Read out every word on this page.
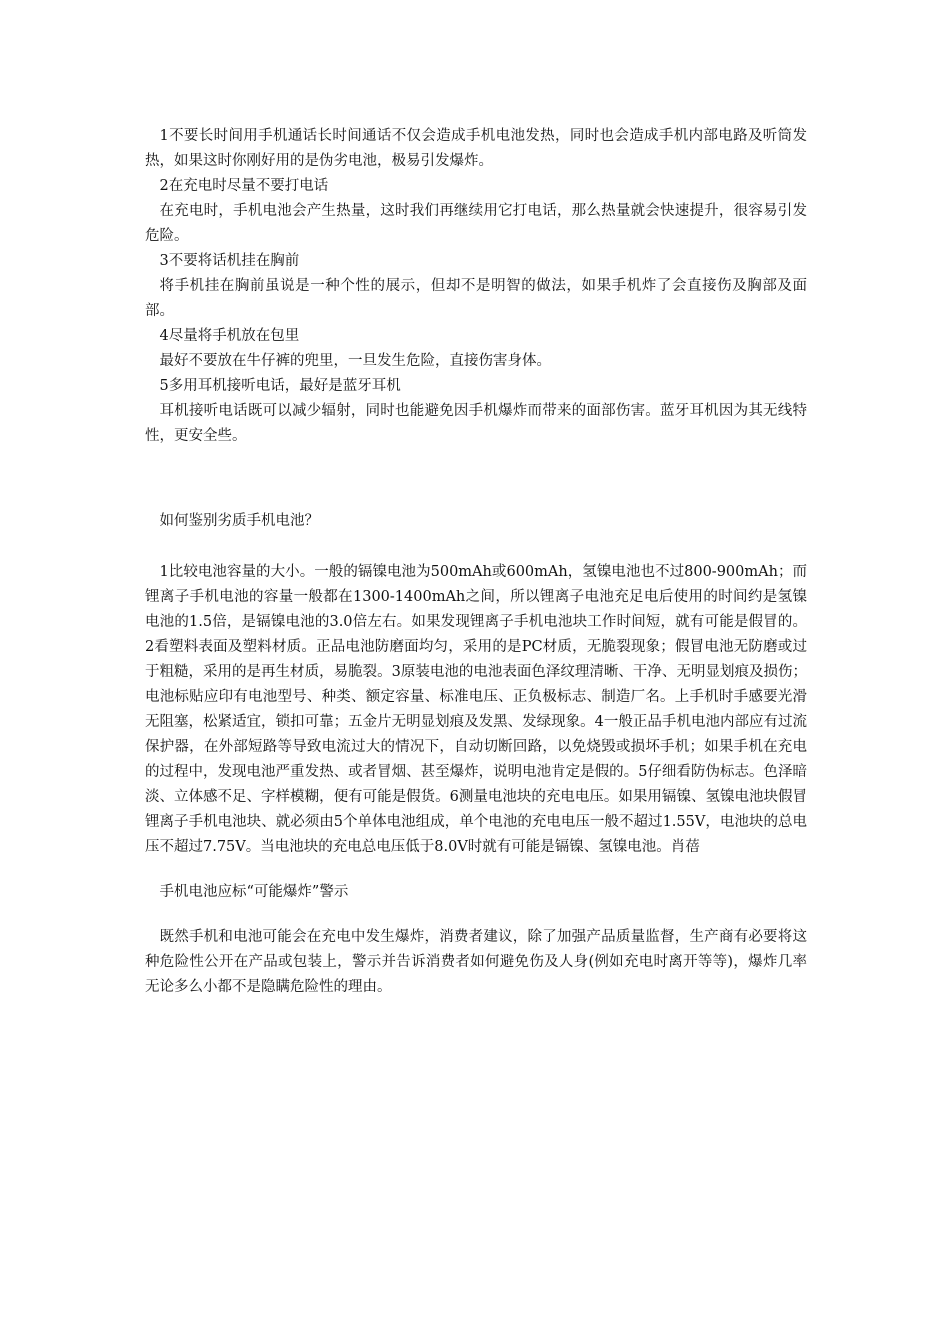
1不要长时间用手机通话长时间通话不仅会造成手机电池发热，同时也会造成手机内部电路及听筒发热，如果这时你刚好用的是伪劣电池，极易引发爆炸。

2在充电时尽量不要打电话

在充电时，手机电池会产生热量，这时我们再继续用它打电话，那么热量就会快速提升，很容易引发危险。

3不要将话机挂在胸前

将手机挂在胸前虽说是一种个性的展示，但却不是明智的做法，如果手机炸了会直接伤及胸部及面部。

4尽量将手机放在包里

最好不要放在牛仔裤的兜里，一旦发生危险，直接伤害身体。

5多用耳机接听电话，最好是蓝牙耳机

耳机接听电话既可以减少辐射，同时也能避免因手机爆炸而带来的面部伤害。蓝牙耳机因为其无线特性，更安全些。

如何鉴别劣质手机电池？

1比较电池容量的大小。一般的镉镍电池为500mAh或600mAh，氢镍电池也不过800-900mAh；而锂离子手机电池的容量一般都在1300-1400mAh之间，所以锂离子电池充足电后使用的时间约是氢镍电池的1.5倍，是镉镍电池的3.0倍左右。如果发现锂离子手机电池块工作时间短，就有可能是假冒的。2看塑料表面及塑料材质。正品电池防磨面均匀，采用的是PC材质，无脆裂现象；假冒电池无防磨或过于粗糙，采用的是再生材质，易脆裂。3原装电池的电池表面色泽纹理清晰、干净、无明显划痕及损伤；电池标贴应印有电池型号、种类、额定容量、标准电压、正负极标志、制造厂名。上手机时手感要光滑无阻塞，松紧适宜，锁扣可靠；五金片无明显划痕及发黑、发绿现象。4一般正品手机电池内部应有过流保护器，在外部短路等导致电流过大的情况下，自动切断回路，以免烧毁或损坏手机；如果手机在充电的过程中，发现电池严重发热、或者冒烟、甚至爆炸，说明电池肯定是假的。5仔细看防伪标志。色泽暗淡、立体感不足、字样模糊，便有可能是假货。6测量电池块的充电电压。如果用镉镍、氢镍电池块假冒锂离子手机电池块、就必须由5个单体电池组成，单个电池的充电电压一般不超过1.55V，电池块的总电压不超过7.75V。当电池块的充电总电压低于8.0V时就有可能是镉镍、氢镍电池。肖蓓

手机电池应标“可能爆炸”警示

既然手机和电池可能会在充电中发生爆炸，消费者建议，除了加强产品质量监督，生产商有必要将这种危险性公开在产品或包装上，警示并告诉消费者如何避免伤及人身(例如充电时离开等等)，爆炸几率无论多么小都不是隐瞒危险性的理由。
